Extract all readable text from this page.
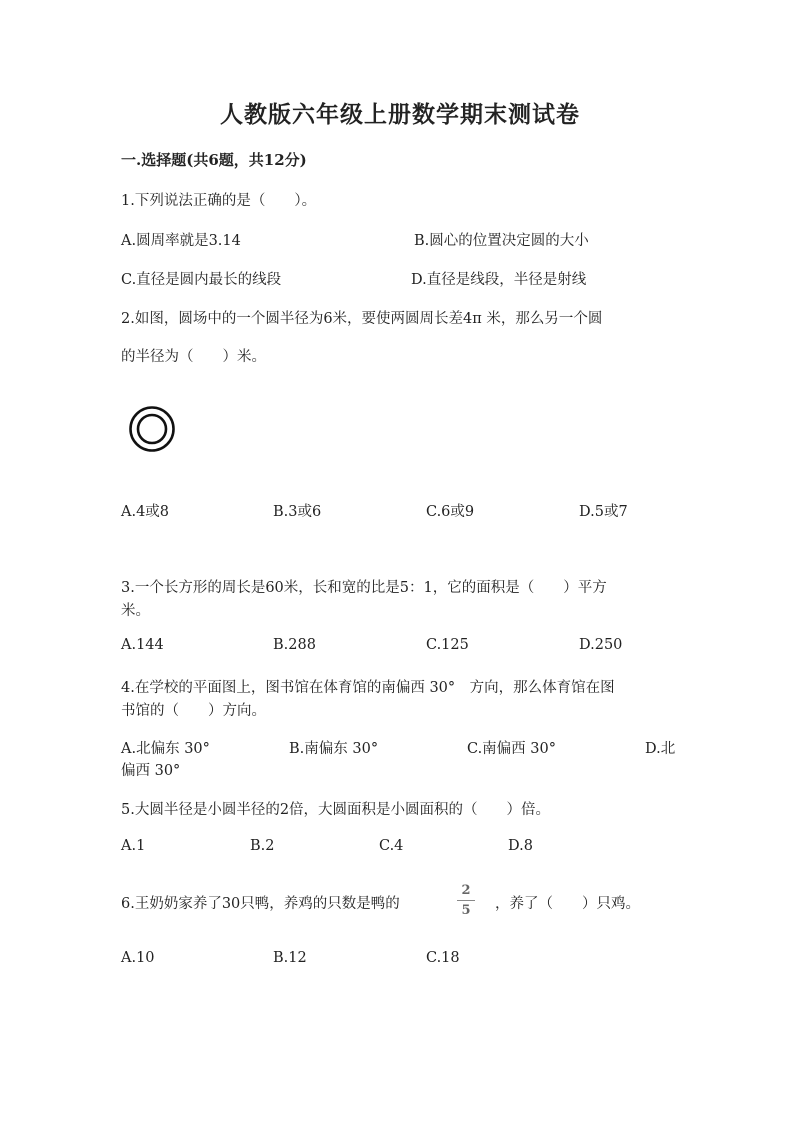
人教版六年级上册数学期末测试卷
一.选择题(共6题，共12分)
1.下列说法正确的是（　　）。
A.圆周率就是3.14	B.圆心的位置决定圆的大小
C.直径是圆内最长的线段	D.直径是线段，半径是射线
2.如图，圆场中的一个圆半径为6米，要使两圆周长差4π 米，那么另一个圆
的半径为（　　）米。
A.4或8	B.3或6	C.6或9	D.5或7
3.一个长方形的周长是60米，长和宽的比是5：1，它的面积是（　　）平方
米。
A.144	B.288	C.125	D.250
4.在学校的平面图上，图书馆在体育馆的南偏西 30°　方向，那么体育馆在图
书馆的（　　）方向。
A.北偏东 30°	B.南偏东 30°	C.南偏西 30°	D.北
偏西 30°
5.大圆半径是小圆半径的2倍，大圆面积是小圆面积的（　　）倍。
A.1	B.2	C.4	D.8
6.王奶奶家养了30只鸭，养鸡的只数是鸭的
2
5	，养了（　　）只鸡。
A.10	B.12	C.18
